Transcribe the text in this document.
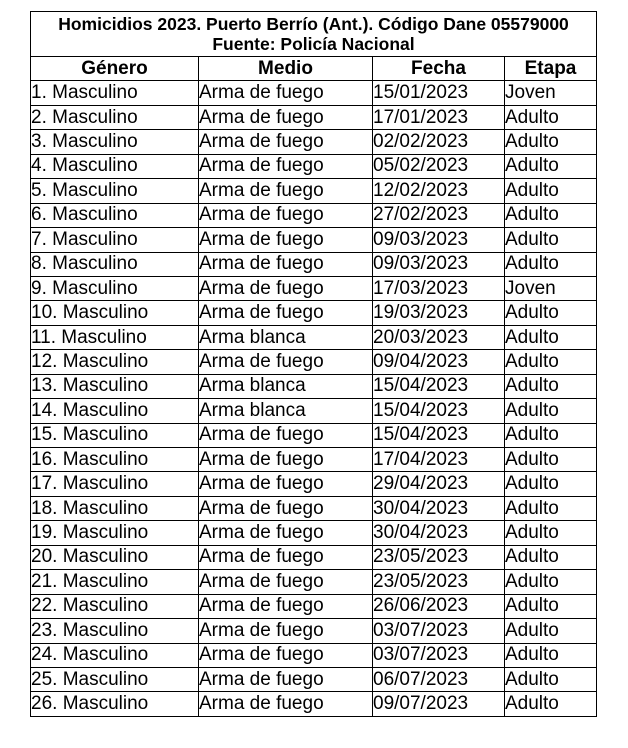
Homicidios 2023. Puerto Berrío (Ant.). Código Dane 05579000
Fuente: Policía Nacional			

Género	Medio	Fecha	Etapa
1. Masculino	Arma de fuego	15/01/2023	Joven
2. Masculino	Arma de fuego	17/01/2023	Adulto
3. Masculino	Arma de fuego	02/02/2023	Adulto
4. Masculino	Arma de fuego	05/02/2023	Adulto
5. Masculino	Arma de fuego	12/02/2023	Adulto
6. Masculino	Arma de fuego	27/02/2023	Adulto
7. Masculino	Arma de fuego	09/03/2023	Adulto
8. Masculino	Arma de fuego	09/03/2023	Adulto
9. Masculino	Arma de fuego	17/03/2023	Joven
10. Masculino	Arma de fuego	19/03/2023	Adulto
11. Masculino	Arma blanca	20/03/2023	Adulto
12. Masculino	Arma de fuego	09/04/2023	Adulto
13. Masculino	Arma blanca	15/04/2023	Adulto
14. Masculino	Arma blanca	15/04/2023	Adulto
15. Masculino	Arma de fuego	15/04/2023	Adulto
16. Masculino	Arma de fuego	17/04/2023	Adulto
17. Masculino	Arma de fuego	29/04/2023	Adulto
18. Masculino	Arma de fuego	30/04/2023	Adulto
19. Masculino	Arma de fuego	30/04/2023	Adulto
20. Masculino	Arma de fuego	23/05/2023	Adulto
21. Masculino	Arma de fuego	23/05/2023	Adulto
22. Masculino	Arma de fuego	26/06/2023	Adulto
23. Masculino	Arma de fuego	03/07/2023	Adulto
24. Masculino	Arma de fuego	03/07/2023	Adulto
25. Masculino	Arma de fuego	06/07/2023	Adulto
26. Masculino	Arma de fuego	09/07/2023	Adulto
